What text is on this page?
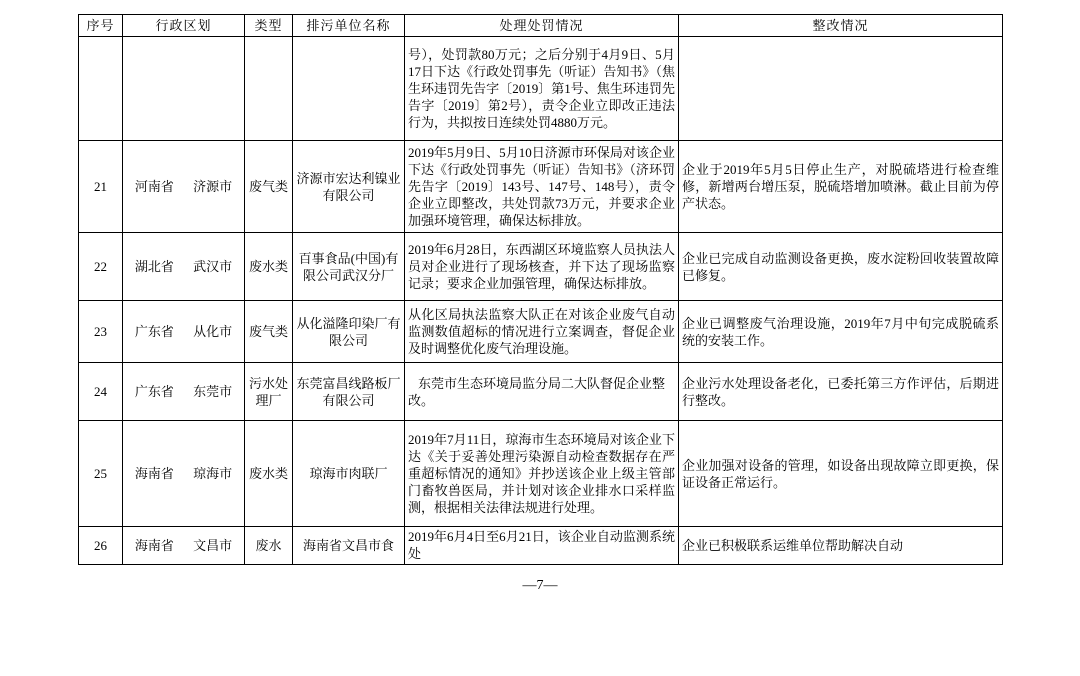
序号	行政区划	类型	排污单位名称	处理处罚情况	整改情况
				号），处罚款80万元；之后分别于4月9日、5月17日下达《行政处罚事先（听证）告知书》（焦生环违罚先告字〔2019〕第1号、焦生环违罚先告字〔2019〕第2号），责令企业立即改正违法行为，共拟按日连续处罚4880万元。	
21	河南省 济源市	废气类	济源市宏达利镍业有限公司	2019年5月9日、5月10日济源市环保局对该企业下达《行政处罚事先（听证）告知书》（济环罚先告字〔2019〕143号、147号、148号），责令企业立即整改，共处罚款73万元，并要求企业加强环境管理，确保达标排放。	企业于2019年5月5日停止生产，对脱硫塔进行检查维修，新增两台增压泵，脱硫塔增加喷淋。截止目前为停产状态。
22	湖北省 武汉市	废水类	百事食品(中国)有限公司武汉分厂	2019年6月28日，东西湖区环境监察人员执法人员对企业进行了现场核查，并下达了现场监察记录；要求企业加强管理，确保达标排放。	企业已完成自动监测设备更换，废水淀粉回收装置故障已修复。
23	广东省 从化市	废气类	从化溢隆印染厂有限公司	从化区局执法监察大队正在对该企业废气自动监测数值超标的情况进行立案调查，督促企业及时调整优化废气治理设施。	企业已调整废气治理设施，2019年7月中旬完成脱硫系统的安装工作。
24	广东省 东莞市	污水处理厂	东莞富昌线路板厂有限公司	东莞市生态环境局监分局二大队督促企业整改。	企业污水处理设备老化，已委托第三方作评估，后期进行整改。
25	海南省 琼海市	废水类	琼海市肉联厂	2019年7月11日，琼海市生态环境局对该企业下达《关于妥善处理污染源自动检查数据存在严重超标情况的通知》并抄送该企业上级主管部门畜牧兽医局，并计划对该企业排水口采样监测，根据相关法律法规进行处理。	企业加强对设备的管理，如设备出现故障立即更换，保证设备正常运行。
26	海南省 文昌市	废水	海南省文昌市食	2019年6月4日至6月21日，该企业自动监测系统处	企业已积极联系运维单位帮助解决自动
—7—
